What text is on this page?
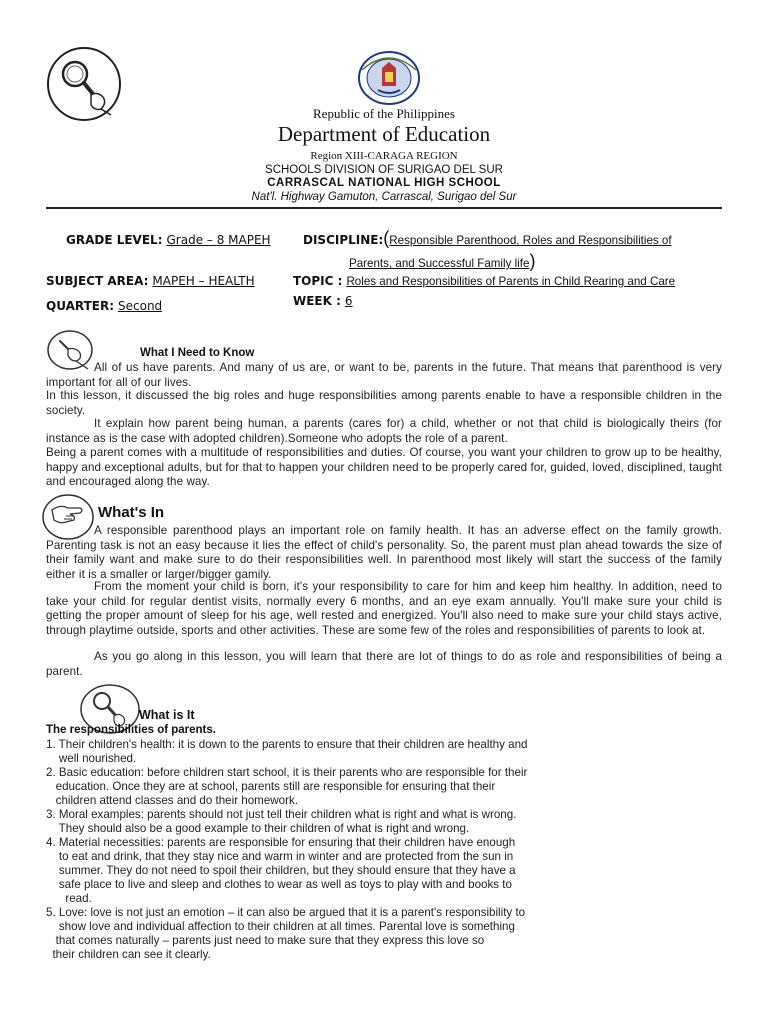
Republic of the Philippines
Department of Education
Region XIII-CARAGA REGION
SCHOOLS DIVISION OF SURIGAO DEL SUR
CARRASCAL NATIONAL HIGH SCHOOL
Nat'l. Highway Gamuton, Carrascal, Surigao del Sur
GRADE LEVEL: Grade – 8 MAPEH	DISCIPLINE:(Responsible Parenthood, Roles and Responsibilities of
Parents, and Successful Family life)
SUBJECT AREA: MAPEH – HEALTH	TOPIC : Roles and Responsibilities of Parents in Child Rearing and Care
QUARTER: Second	WEEK : 6
What I Need to Know
All of us have parents. And many of us are, or want to be, parents in the future. That means that parenthood is very important for all of our lives.
In this lesson, it discussed the big roles and huge responsibilities among parents enable to have a responsible children in the society.
It explain how parent being human, a parents (cares for) a child, whether or not that child is biologically theirs (for instance as is the case with adopted children).Someone who adopts the role of a parent.
Being a parent comes with a multitude of responsibilities and duties. Of course, you want your children to grow up to be healthy, happy and exceptional adults, but for that to happen your children need to be properly cared for, guided, loved, disciplined, taught and encouraged along the way.
What's In
A responsible parenthood plays an important role on family health. It has an adverse effect on the family growth. Parenting task is not an easy because it lies the effect of child's personality. So, the parent must plan ahead towards the size of their family want and make sure to do their responsibilities well. In parenthood most likely will start the success of the family either it is a smaller or larger/bigger gamily.
From the moment your child is born, it's your responsibility to care for him and keep him healthy. In addition, need to take your child for regular dentist visits, normally every 6 months, and an eye exam annually. You'll make sure your child is getting the proper amount of sleep for his age, well rested and energized. You'll also need to make sure your child stays active, through playtime outside, sports and other activities. These are some few of the roles and responsibilities of parents to look at.
As you go along in this lesson, you will learn that there are lot of things to do as role and responsibilities of being a parent.
What is It
The responsibilities of parents.
1. Their children's health: it is down to the parents to ensure that their children are healthy and
well nourished.
2. Basic education: before children start school, it is their parents who are responsible for their
education. Once they are at school, parents still are responsible for ensuring that their
children attend classes and do their homework.
3. Moral examples: parents should not just tell their children what is right and what is wrong.
They should also be a good example to their children of what is right and wrong.
4. Material necessities: parents are responsible for ensuring that their children have enough
to eat and drink, that they stay nice and warm in winter and are protected from the sun in
summer. They do not need to spoil their children, but they should ensure that they have a
safe place to live and sleep and clothes to wear as well as toys to play with and books to
read.
5. Love: love is not just an emotion – it can also be argued that it is a parent's responsibility to
show love and individual affection to their children at all times. Parental love is something
that comes naturally – parents just need to make sure that they express this love so
their children can see it clearly.
